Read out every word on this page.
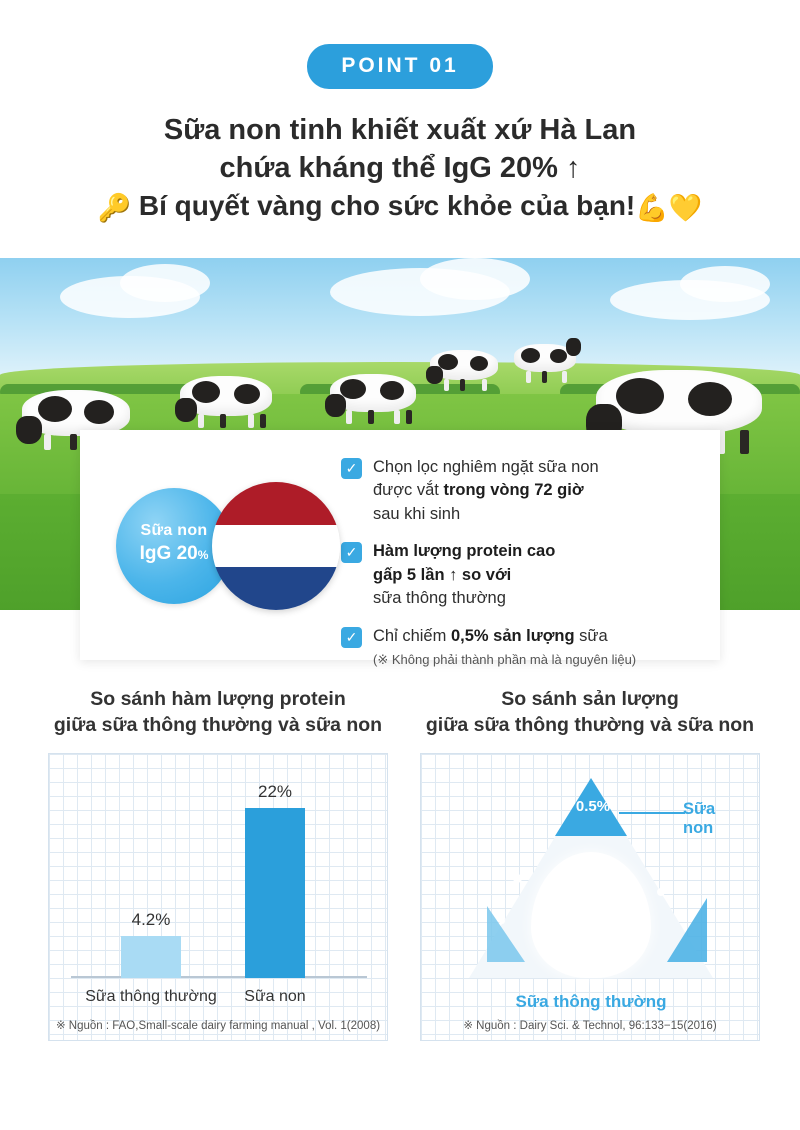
POINT 01
Sữa non tinh khiết xuất xứ Hà Lan
chứa kháng thể IgG 20% ↑
🔑 Bí quyết vàng cho sức khỏe của bạn!💪💛
Sữa non
IgG 20%
✓ Chọn lọc nghiêm ngặt sữa non
được vắt trong vòng 72 giờ
sau khi sinh
✓ Hàm lượng protein cao
gấp 5 lần ↑ so với
sữa thông thường
✓ Chỉ chiếm 0,5% sản lượng sữa
(※ Không phải thành phần mà là nguyên liệu)
So sánh hàm lượng protein
giữa sữa thông thường và sữa non
4.2%
Sữa thông thường
22%
Sữa non
※ Nguồn : FAO,Small-scale dairy farming manual , Vol. 1(2008)
So sánh sản lượng
giữa sữa thông thường và sữa non
0.5%	Sữa non
Sữa thông thường
※ Nguồn : Dairy Sci. & Technol, 96:133−15(2016)
